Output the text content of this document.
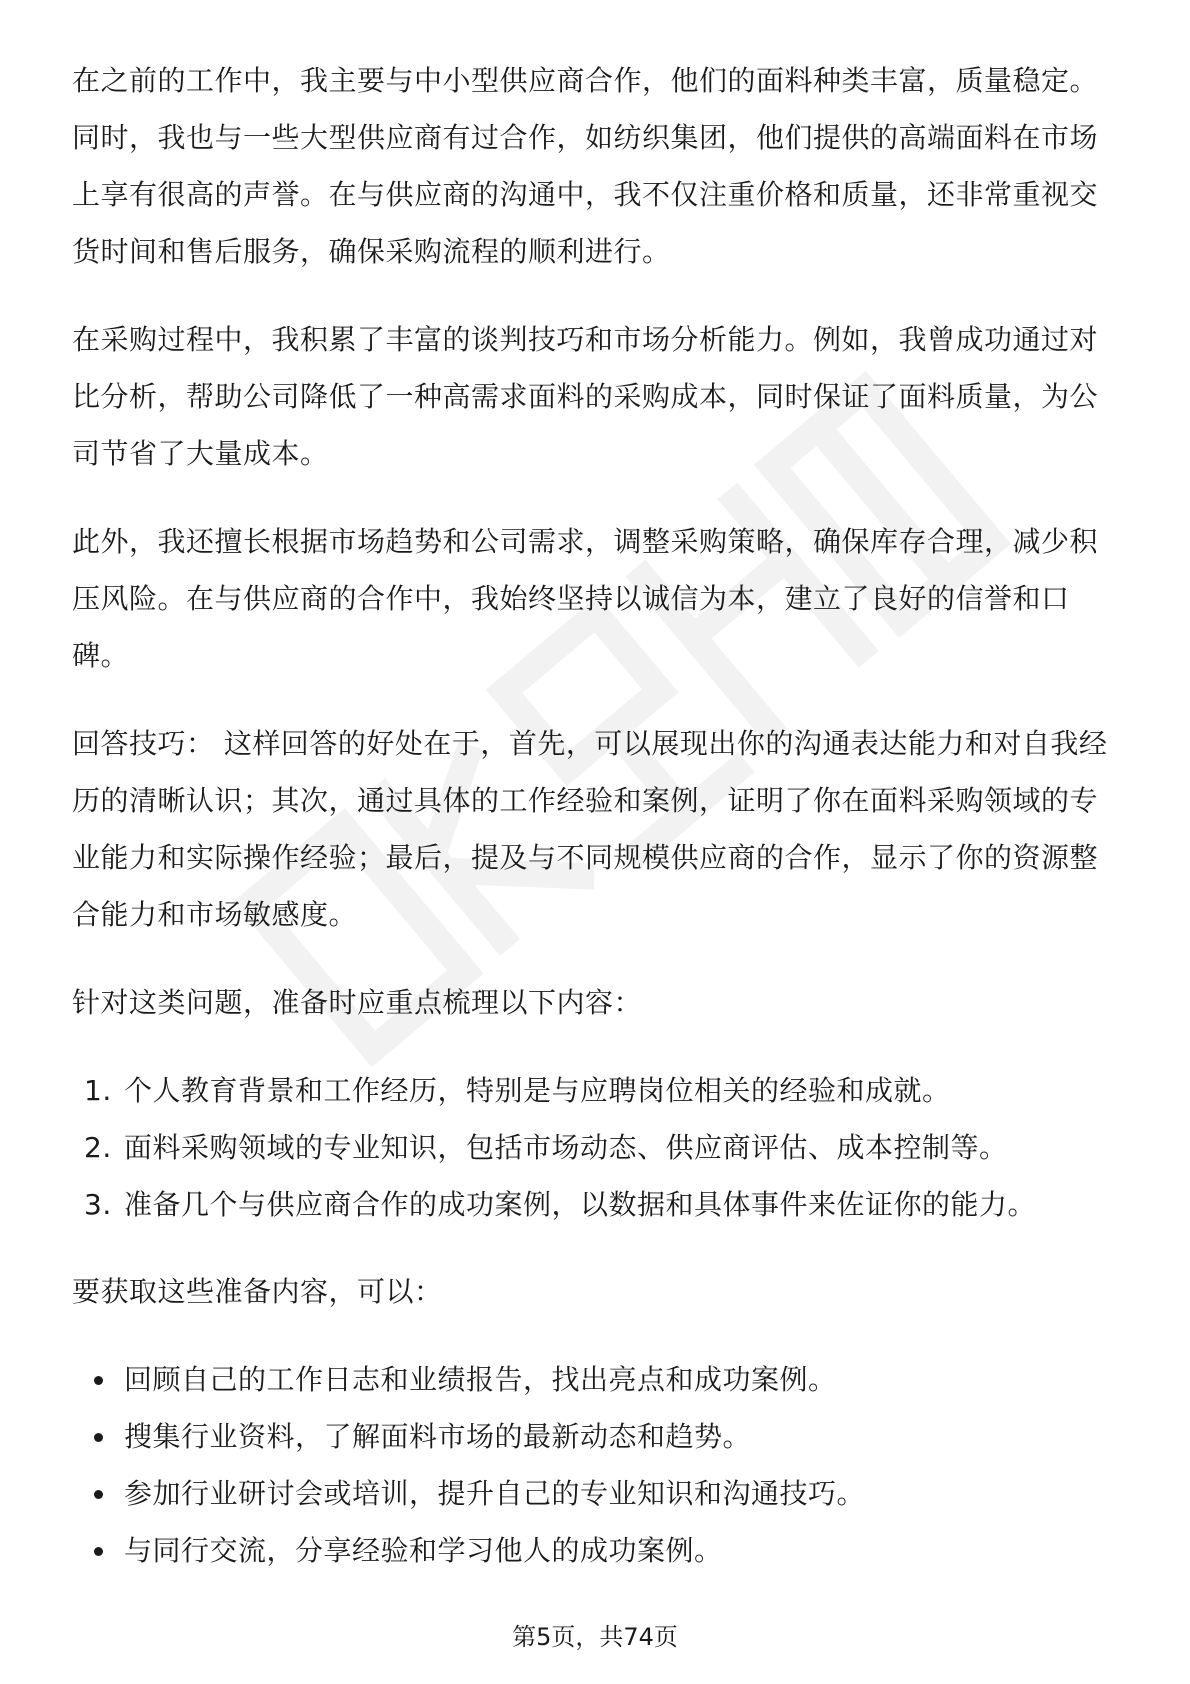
在之前的工作中，我主要与中小型供应商合作，他们的面料种类丰富，质量稳定。同时，我也与一些大型供应商有过合作，如纺织集团，他们提供的高端面料在市场上享有很高的声誉。在与供应商的沟通中，我不仅注重价格和质量，还非常重视交货时间和售后服务，确保采购流程的顺利进行。

在采购过程中，我积累了丰富的谈判技巧和市场分析能力。例如，我曾成功通过对比分析，帮助公司降低了一种高需求面料的采购成本，同时保证了面料质量，为公司节省了大量成本。

此外，我还擅长根据市场趋势和公司需求，调整采购策略，确保库存合理，减少积压风险。在与供应商的合作中，我始终坚持以诚信为本，建立了良好的信誉和口碑。

回答技巧： 这样回答的好处在于，首先，可以展现出你的沟通表达能力和对自我经历的清晰认识；其次，通过具体的工作经验和案例，证明了你在面料采购领域的专业能力和实际操作经验；最后，提及与不同规模供应商的合作，显示了你的资源整合能力和市场敏感度。

针对这类问题，准备时应重点梳理以下内容：

1. 个人教育背景和工作经历，特别是与应聘岗位相关的经验和成就。
2. 面料采购领域的专业知识，包括市场动态、供应商评估、成本控制等。
3. 准备几个与供应商合作的成功案例，以数据和具体事件来佐证你的能力。

要获取这些准备内容，可以：

回顾自己的工作日志和业绩报告，找出亮点和成功案例。
搜集行业资料，了解面料市场的最新动态和趋势。
参加行业研讨会或培训，提升自己的专业知识和沟通技巧。
与同行交流，分享经验和学习他人的成功案例。
第5页，共74页
